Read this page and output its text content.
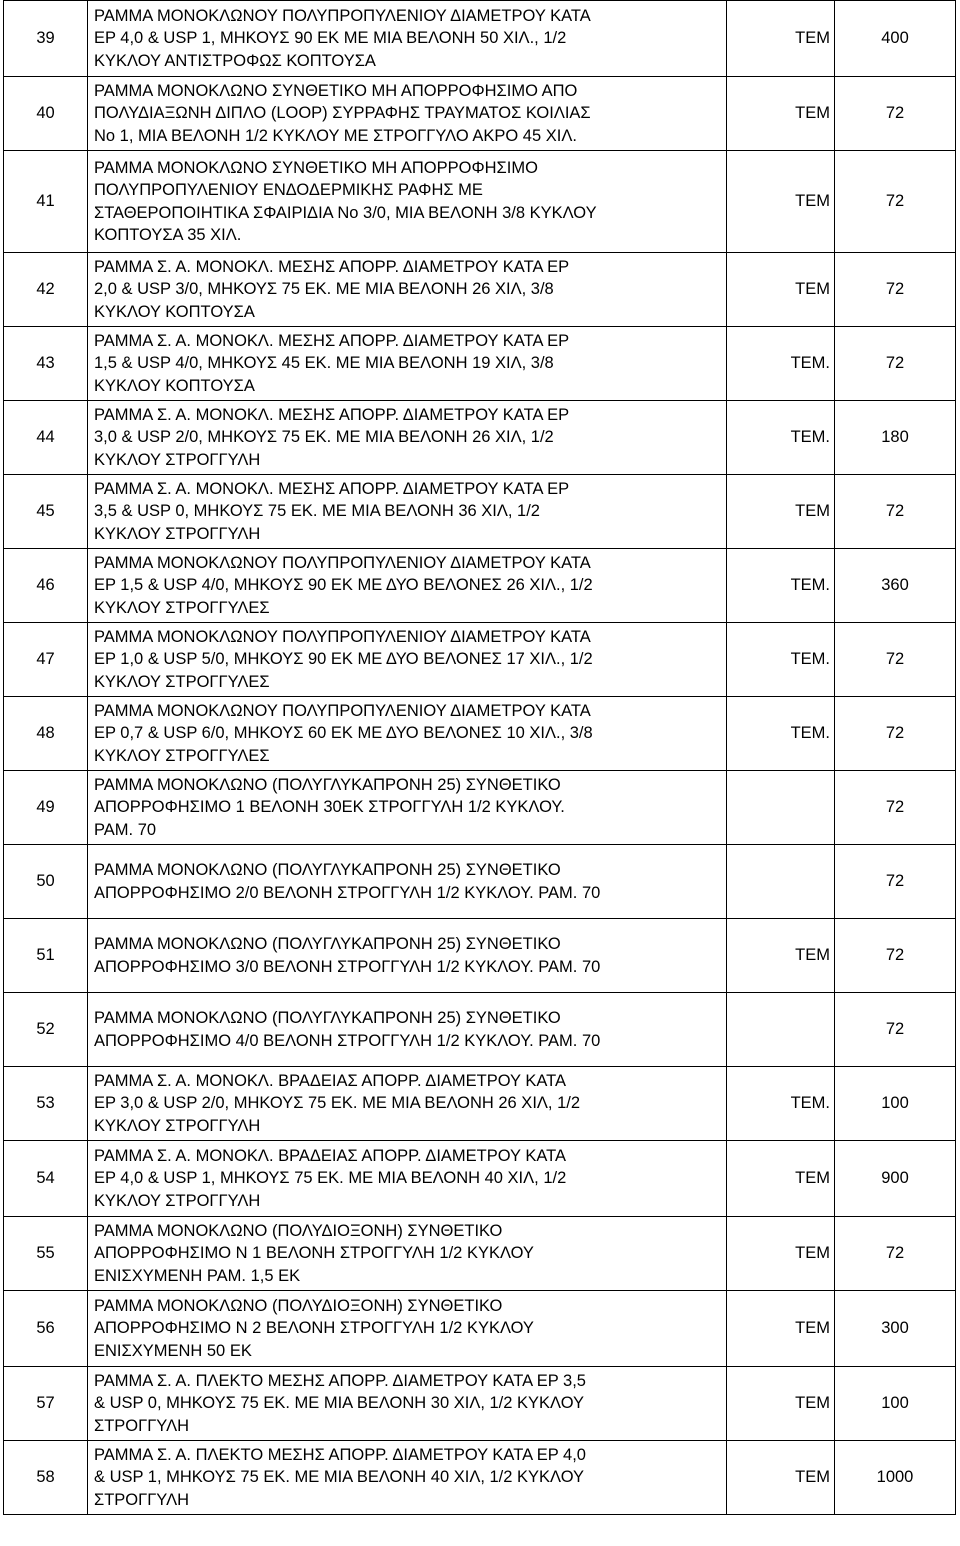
39	ΡΑΜΜΑ ΜΟΝΟΚΛΩΝΟΥ ΠΟΛΥΠΡΟΠΥΛΕΝΙΟΥ ΔΙΑΜΕΤΡΟΥ ΚΑΤΑ
ΕΡ 4,0 & USP 1, ΜΗΚΟΥΣ 90 ΕΚ ΜΕ ΜΙΑ ΒΕΛΟΝΗ 50 ΧΙΛ., 1/2
ΚΥΚΛΟΥ ΑΝΤΙΣΤΡΟΦΩΣ ΚΟΠΤΟΥΣΑ	ΤΕΜ	400
40	ΡΑΜΜΑ ΜΟΝΟΚΛΩΝΟ ΣΥΝΘΕΤΙΚΟ ΜΗ ΑΠΟΡΡΟΦΗΣΙΜΟ ΑΠΟ
ΠΟΛΥΔΙΑΞΩΝΗ ΔΙΠΛΟ (LOOP) ΣΥΡΡΑΦΗΣ ΤΡΑΥΜΑΤΟΣ ΚΟΙΛΙΑΣ
Νο 1, ΜΙΑ ΒΕΛΟΝΗ 1/2 ΚΥΚΛΟΥ ΜΕ ΣΤΡΟΓΓΥΛΟ ΑΚΡΟ 45 ΧΙΛ.	ΤΕΜ	72
41	ΡΑΜΜΑ ΜΟΝΟΚΛΩΝΟ ΣΥΝΘΕΤΙΚΟ ΜΗ ΑΠΟΡΡΟΦΗΣΙΜΟ
ΠΟΛΥΠΡΟΠΥΛΕΝΙΟΥ ΕΝΔΟΔΕΡΜΙΚΗΣ ΡΑΦΗΣ ΜΕ
ΣΤΑΘΕΡΟΠΟΙΗΤΙΚΑ ΣΦΑΙΡΙΔΙΑ Νο 3/0, ΜΙΑ ΒΕΛΟΝΗ 3/8 ΚΥΚΛΟΥ
ΚΟΠΤΟΥΣΑ 35 ΧΙΛ.	ΤΕΜ	72
42	ΡΑΜΜΑ Σ. Α. ΜΟΝΟΚΛ. ΜΕΣΗΣ ΑΠΟΡΡ. ΔΙΑΜΕΤΡΟΥ ΚΑΤΑ ΕΡ
2,0 & USP 3/0, ΜΗΚΟΥΣ 75 ΕΚ. ΜΕ ΜΙΑ ΒΕΛΟΝΗ 26 ΧΙΛ, 3/8
ΚΥΚΛΟΥ ΚΟΠΤΟΥΣΑ	ΤΕΜ	72
43	ΡΑΜΜΑ Σ. Α. ΜΟΝΟΚΛ. ΜΕΣΗΣ ΑΠΟΡΡ. ΔΙΑΜΕΤΡΟΥ ΚΑΤΑ ΕΡ
1,5 & USP 4/0, ΜΗΚΟΥΣ 45 ΕΚ. ΜΕ ΜΙΑ ΒΕΛΟΝΗ 19 ΧΙΛ, 3/8
ΚΥΚΛΟΥ ΚΟΠΤΟΥΣΑ	ΤΕΜ.	72
44	ΡΑΜΜΑ Σ. Α. ΜΟΝΟΚΛ. ΜΕΣΗΣ ΑΠΟΡΡ. ΔΙΑΜΕΤΡΟΥ ΚΑΤΑ ΕΡ
3,0 & USP 2/0, ΜΗΚΟΥΣ 75 ΕΚ. ΜΕ ΜΙΑ ΒΕΛΟΝΗ 26 ΧΙΛ, 1/2
ΚΥΚΛΟΥ ΣΤΡΟΓΓΥΛΗ	ΤΕΜ.	180
45	ΡΑΜΜΑ Σ. Α. ΜΟΝΟΚΛ. ΜΕΣΗΣ ΑΠΟΡΡ. ΔΙΑΜΕΤΡΟΥ ΚΑΤΑ ΕΡ
3,5 & USP 0, ΜΗΚΟΥΣ 75 ΕΚ. ΜΕ ΜΙΑ ΒΕΛΟΝΗ 36 ΧΙΛ, 1/2
ΚΥΚΛΟΥ ΣΤΡΟΓΓΥΛΗ	ΤΕΜ	72
46	ΡΑΜΜΑ ΜΟΝΟΚΛΩΝΟΥ ΠΟΛΥΠΡΟΠΥΛΕΝΙΟΥ ΔΙΑΜΕΤΡΟΥ ΚΑΤΑ
ΕΡ 1,5 & USP 4/0, ΜΗΚΟΥΣ 90 ΕΚ ΜΕ ΔΥΟ ΒΕΛΟΝΕΣ 26 ΧΙΛ., 1/2
ΚΥΚΛΟΥ ΣΤΡΟΓΓΥΛΕΣ	ΤΕΜ.	360
47	ΡΑΜΜΑ ΜΟΝΟΚΛΩΝΟΥ ΠΟΛΥΠΡΟΠΥΛΕΝΙΟΥ ΔΙΑΜΕΤΡΟΥ ΚΑΤΑ
ΕΡ 1,0 & USP 5/0, ΜΗΚΟΥΣ 90 ΕΚ ΜΕ ΔΥΟ ΒΕΛΟΝΕΣ 17 ΧΙΛ., 1/2
ΚΥΚΛΟΥ ΣΤΡΟΓΓΥΛΕΣ	ΤΕΜ.	72
48	ΡΑΜΜΑ ΜΟΝΟΚΛΩΝΟΥ ΠΟΛΥΠΡΟΠΥΛΕΝΙΟΥ ΔΙΑΜΕΤΡΟΥ ΚΑΤΑ
ΕΡ 0,7 & USP 6/0, ΜΗΚΟΥΣ 60 ΕΚ ΜΕ ΔΥΟ ΒΕΛΟΝΕΣ 10 ΧΙΛ., 3/8
ΚΥΚΛΟΥ ΣΤΡΟΓΓΥΛΕΣ	ΤΕΜ.	72
49	ΡΑΜΜΑ ΜΟΝΟΚΛΩΝΟ (ΠΟΛΥΓΛΥΚΑΠΡΟΝΗ 25) ΣΥΝΘΕΤΙΚΟ
ΑΠΟΡΡΟΦΗΣΙΜΟ 1 ΒΕΛΟΝΗ 30ΕΚ ΣΤΡΟΓΓΥΛΗ 1/2 ΚΥΚΛΟΥ.
ΡΑΜ. 70		72
50	ΡΑΜΜΑ ΜΟΝΟΚΛΩΝΟ (ΠΟΛΥΓΛΥΚΑΠΡΟΝΗ 25) ΣΥΝΘΕΤΙΚΟ
ΑΠΟΡΡΟΦΗΣΙΜΟ 2/0 ΒΕΛΟΝΗ ΣΤΡΟΓΓΥΛΗ 1/2 ΚΥΚΛΟΥ. ΡΑΜ. 70		72
51	ΡΑΜΜΑ ΜΟΝΟΚΛΩΝΟ (ΠΟΛΥΓΛΥΚΑΠΡΟΝΗ 25) ΣΥΝΘΕΤΙΚΟ
ΑΠΟΡΡΟΦΗΣΙΜΟ 3/0 ΒΕΛΟΝΗ ΣΤΡΟΓΓΥΛΗ 1/2 ΚΥΚΛΟΥ. ΡΑΜ. 70	ΤΕΜ	72
52	ΡΑΜΜΑ ΜΟΝΟΚΛΩΝΟ (ΠΟΛΥΓΛΥΚΑΠΡΟΝΗ 25) ΣΥΝΘΕΤΙΚΟ
ΑΠΟΡΡΟΦΗΣΙΜΟ 4/0 ΒΕΛΟΝΗ ΣΤΡΟΓΓΥΛΗ 1/2 ΚΥΚΛΟΥ. ΡΑΜ. 70		72
53	ΡΑΜΜΑ Σ. Α. ΜΟΝΟΚΛ. ΒΡΑΔΕΙΑΣ ΑΠΟΡΡ. ΔΙΑΜΕΤΡΟΥ ΚΑΤΑ
ΕΡ 3,0 & USP 2/0, ΜΗΚΟΥΣ 75 ΕΚ. ΜΕ ΜΙΑ ΒΕΛΟΝΗ 26 ΧΙΛ, 1/2
ΚΥΚΛΟΥ ΣΤΡΟΓΓΥΛΗ	ΤΕΜ.	100
54	ΡΑΜΜΑ Σ. Α. ΜΟΝΟΚΛ. ΒΡΑΔΕΙΑΣ ΑΠΟΡΡ. ΔΙΑΜΕΤΡΟΥ ΚΑΤΑ
ΕΡ 4,0 & USP 1, ΜΗΚΟΥΣ 75 ΕΚ. ΜΕ ΜΙΑ ΒΕΛΟΝΗ 40 ΧΙΛ, 1/2
ΚΥΚΛΟΥ ΣΤΡΟΓΓΥΛΗ	ΤΕΜ	900
55	ΡΑΜΜΑ ΜΟΝΟΚΛΩΝΟ (ΠΟΛΥΔΙΟΞΟΝΗ) ΣΥΝΘΕΤΙΚΟ
ΑΠΟΡΡΟΦΗΣΙΜΟ Ν 1 ΒΕΛΟΝΗ ΣΤΡΟΓΓΥΛΗ 1/2 ΚΥΚΛΟΥ
ΕΝΙΣΧΥΜΕΝΗ ΡΑΜ. 1,5 ΕΚ	ΤΕΜ	72
56	ΡΑΜΜΑ ΜΟΝΟΚΛΩΝΟ (ΠΟΛΥΔΙΟΞΟΝΗ) ΣΥΝΘΕΤΙΚΟ
ΑΠΟΡΡΟΦΗΣΙΜΟ Ν 2 ΒΕΛΟΝΗ ΣΤΡΟΓΓΥΛΗ 1/2 ΚΥΚΛΟΥ
ΕΝΙΣΧΥΜΕΝΗ 50 ΕΚ	ΤΕΜ	300
57	ΡΑΜΜΑ Σ. Α. ΠΛΕΚΤΟ ΜΕΣΗΣ ΑΠΟΡΡ. ΔΙΑΜΕΤΡΟΥ ΚΑΤΑ ΕΡ 3,5
& USP 0, ΜΗΚΟΥΣ 75 ΕΚ. ΜΕ ΜΙΑ ΒΕΛΟΝΗ 30 ΧΙΛ, 1/2 ΚΥΚΛΟΥ
ΣΤΡΟΓΓΥΛΗ	ΤΕΜ	100
58	ΡΑΜΜΑ Σ. Α. ΠΛΕΚΤΟ ΜΕΣΗΣ ΑΠΟΡΡ. ΔΙΑΜΕΤΡΟΥ ΚΑΤΑ ΕΡ 4,0
& USP 1, ΜΗΚΟΥΣ 75 ΕΚ. ΜΕ ΜΙΑ ΒΕΛΟΝΗ 40 ΧΙΛ, 1/2 ΚΥΚΛΟΥ
ΣΤΡΟΓΓΥΛΗ	ΤΕΜ	1000
